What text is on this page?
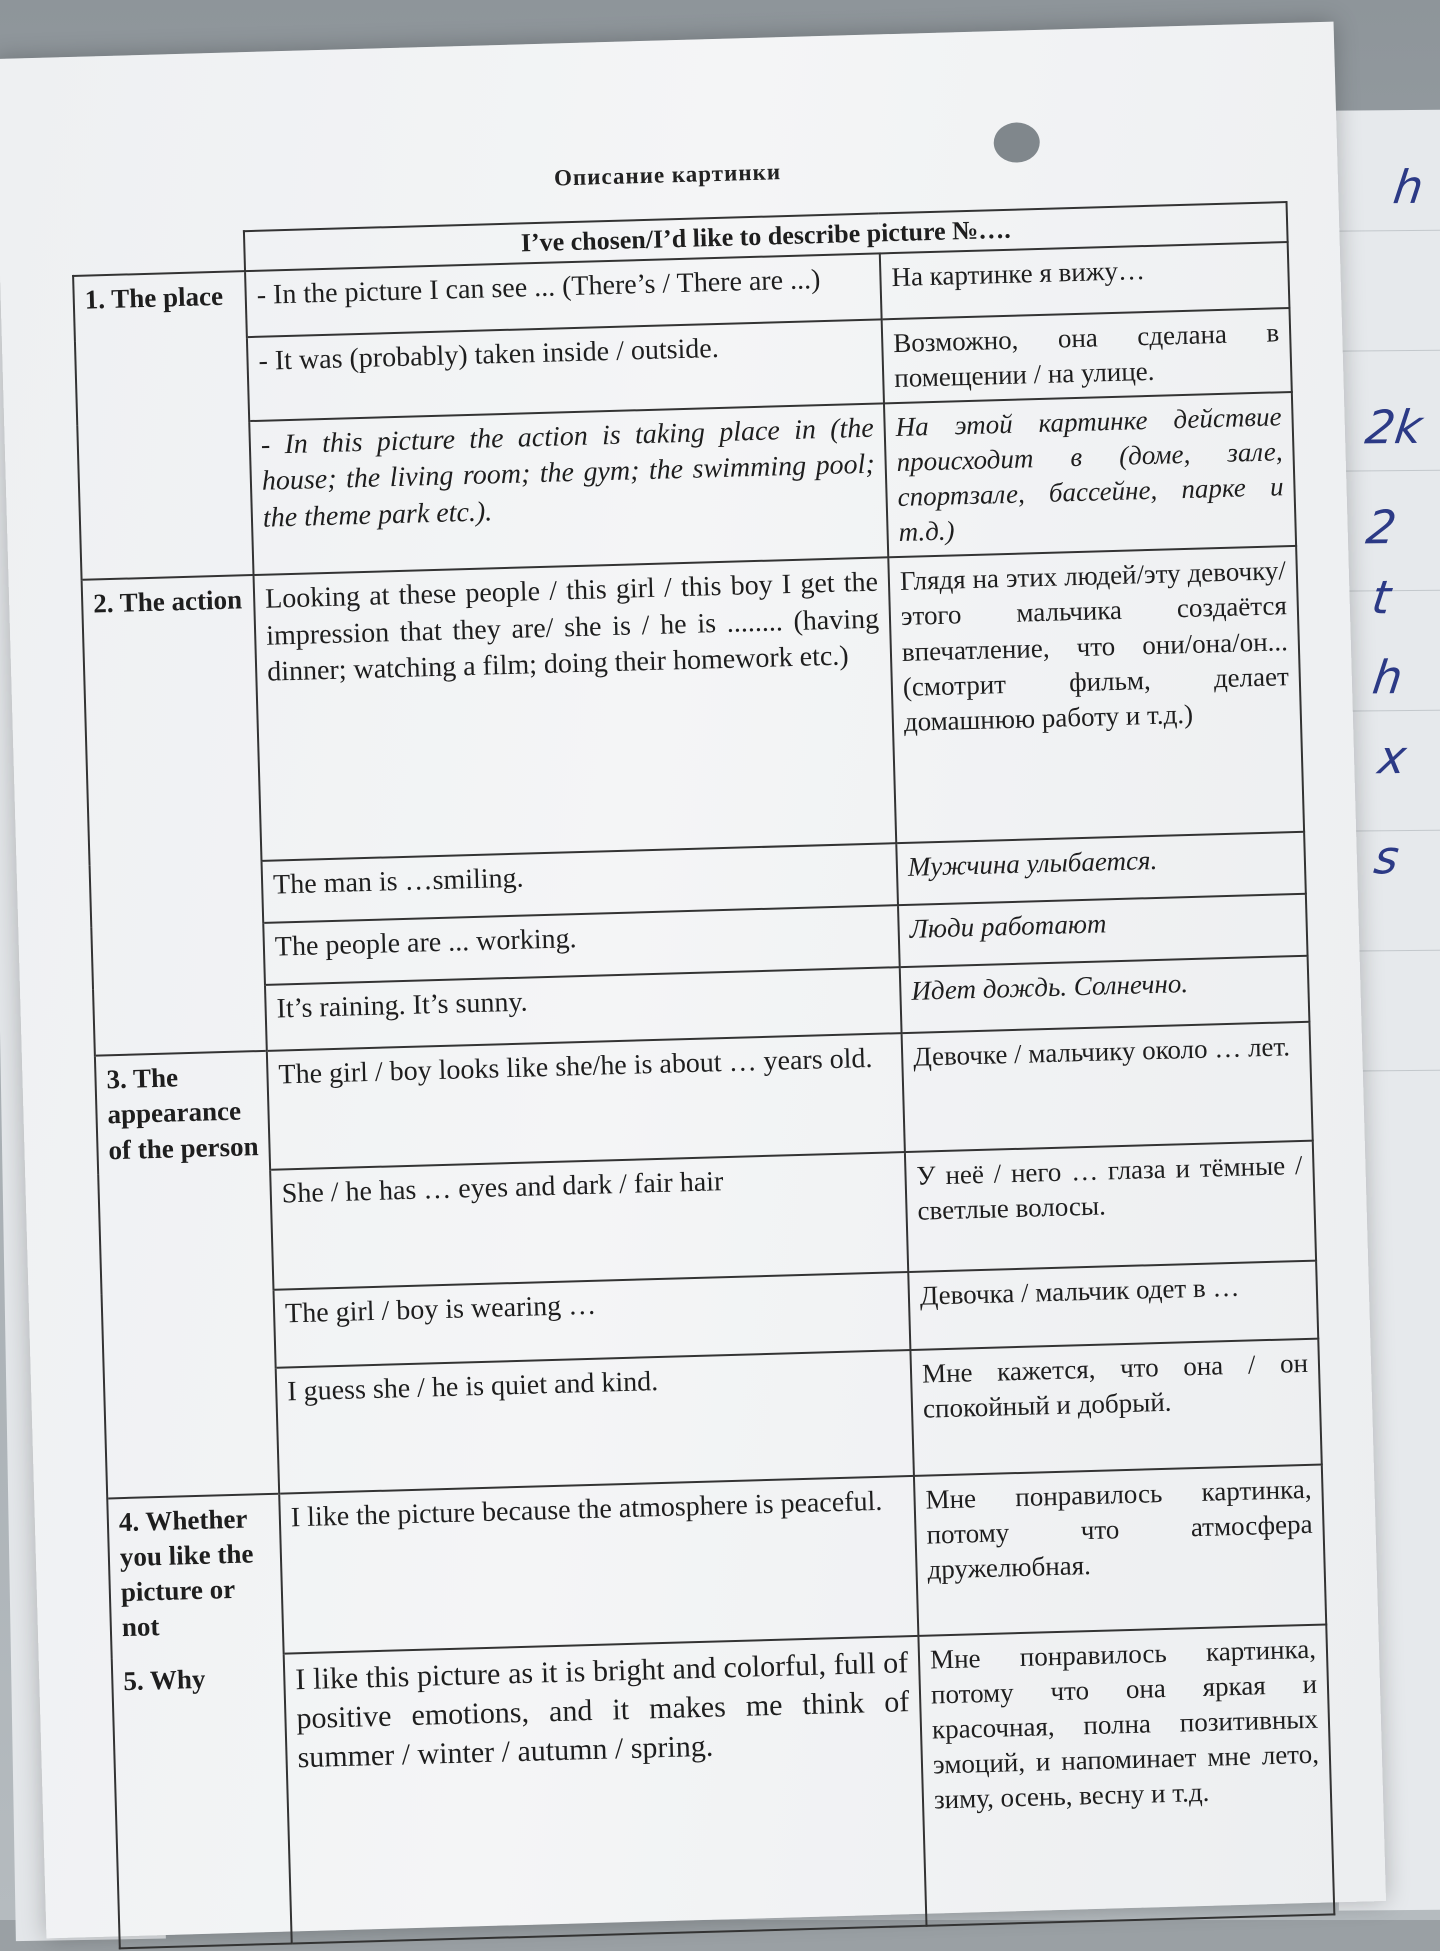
h
2k
2
t
h
x
s
Описание картинки
	I’ve chosen/I’d like to describe picture №….	
1. The place	- In the picture I can see ... (There’s / There are ...)	На картинке я вижу…
	- It was (probably) taken inside / outside.	Возможно, она сделана в помещении / на улице.
	- In this picture the action is taking place in (the house; the living room; the gym; the swimming pool; the theme park etc.).	На этой картинке действие происходит в (доме, зале, спортзале, бассейне, парке и т.д.)
2. The action	Looking at these people / this girl / this boy I get the impression that they are/ she is / he is ........ (having dinner; watching a film; doing their homework etc.)	Глядя на этих людей/эту девочку/этого мальчика создаётся впечатление, что они/она/он... (смотрит фильм, делает домашнюю работу и т.д.)
	The man is …smiling.	Мужчина улыбается.
	The people are ... working.	Люди работают
	It’s raining. It’s sunny.	Идет дождь. Солнечно.
3. The appearance of the person	The girl / boy looks like she/he is about … years old.	Девочке / мальчику около … лет.
	She / he has … eyes and dark / fair hair	У неё / него … глаза и тёмные / светлые волосы.
	The girl / boy is wearing …	Девочка / мальчик одет в …
	I guess she / he is quiet and kind.	Мне кажется, что она / он спокойный и добрый.
4. Whether you like the picture or not	I like the picture because the atmosphere is peaceful.	Мне понравилось картинка, потому что атмосфера дружелюбная.
5. Why	I like this picture as it is bright and colorful, full of positive emotions, and it makes me think of summer / winter / autumn / spring.	Мне понравилось картинка, потому что она яркая и красочная, полна позитивных эмоций, и напоминает мне лето, зиму, осень, весну и т.д.
